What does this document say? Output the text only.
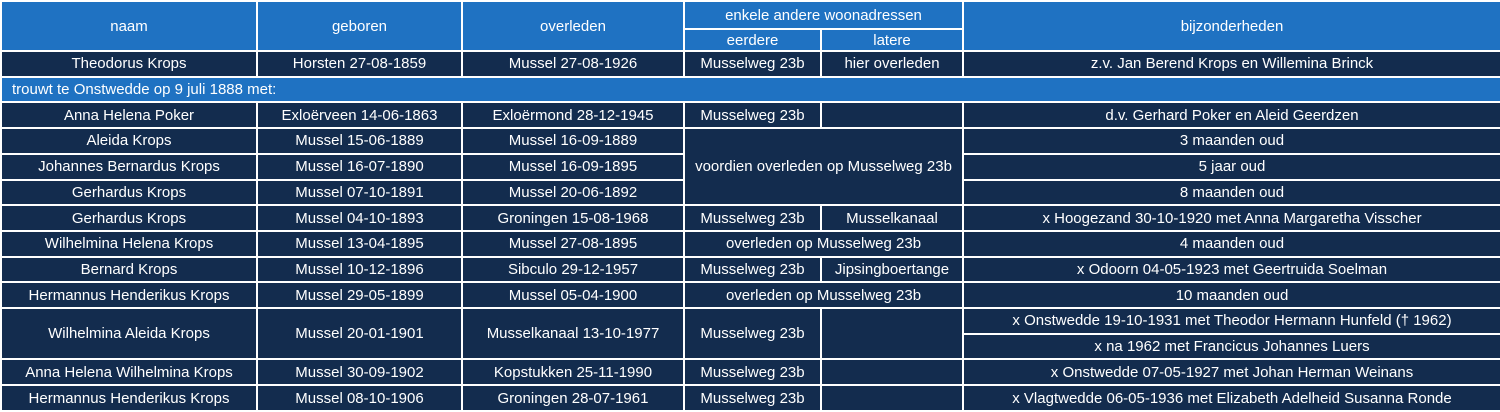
naam	geboren	overleden	enkele andere woonadressen		bijzonderheden
			eerdere	latere	
Theodorus Krops	Horsten 27-08-1859	Mussel 27-08-1926	Musselweg 23b	hier overleden	z.v. Jan Berend Krops en Willemina Brinck
trouwt te Onstwedde op 9 juli 1888 met:					
Anna Helena Poker	Exloërveen 14-06-1863	Exloërmond 28-12-1945	Musselweg 23b		d.v. Gerhard Poker en Aleid Geerdzen
Aleida Krops	Mussel 15-06-1889	Mussel 16-09-1889	voordien overleden op Musselweg 23b		3 maanden oud
Johannes Bernardus Krops	Mussel 16-07-1890	Mussel 16-09-1895			5 jaar oud
Gerhardus Krops	Mussel 07-10-1891	Mussel 20-06-1892			8 maanden oud
Gerhardus Krops	Mussel 04-10-1893	Groningen 15-08-1968	Musselweg 23b	Musselkanaal	x Hoogezand 30-10-1920 met Anna Margaretha Visscher
Wilhelmina Helena Krops	Mussel 13-04-1895	Mussel 27-08-1895	overleden op Musselweg 23b		4 maanden oud
Bernard Krops	Mussel 10-12-1896	Sibculo 29-12-1957	Musselweg 23b	Jipsingboertange	x Odoorn 04-05-1923 met Geertruida Soelman
Hermannus Henderikus Krops	Mussel 29-05-1899	Mussel 05-04-1900	overleden op Musselweg 23b		10 maanden oud
Wilhelmina Aleida Krops	Mussel 20-01-1901	Musselkanaal 13-10-1977	Musselweg 23b		x Onstwedde 19-10-1931 met Theodor Hermann Hunfeld († 1962)
					x na 1962 met Francicus Johannes Luers
Anna Helena Wilhelmina Krops	Mussel 30-09-1902	Kopstukken 25-11-1990	Musselweg 23b		x Onstwedde 07-05-1927 met Johan Herman Weinans
Hermannus Henderikus Krops	Mussel 08-10-1906	Groningen 28-07-1961	Musselweg 23b		x Vlagtwedde 06-05-1936 met Elizabeth Adelheid Susanna Ronde
